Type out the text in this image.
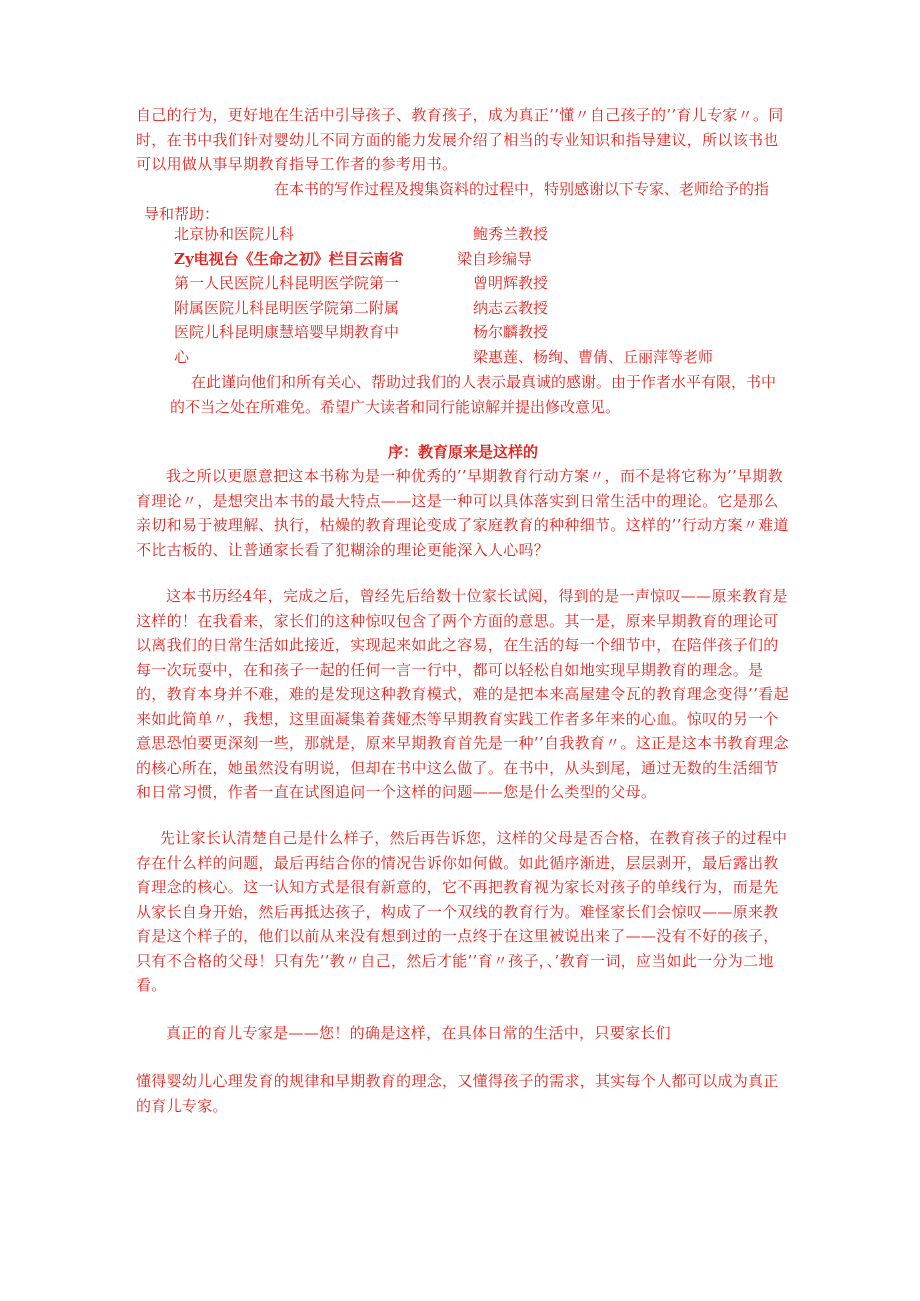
自己的行为，更好地在生活中引导孩子、教育孩子，成为真正’’懂〃自己孩子的’’育儿专家〃。同时，在书中我们针对婴幼儿不同方面的能力发展介绍了相当的专业知识和指导建议，所以该书也可以用做从事早期教育指导工作者的参考用书。

在本书的写作过程及搜集资料的过程中，特别感谢以下专家、老师给予的指
导和帮助：

北京协和医院儿科
Zy电视台《生命之初》栏目云南省
第一人民医院儿科昆明医学院第一
附属医院儿科昆明医学院第二附属
医院儿科昆明康慧培婴早期教育中
心
鲍秀兰教授
梁自珍编导
曾明辉教授
纳志云教授
杨尔麟教授
梁惠莲、杨绚、曹倩、丘丽萍等老师

在此谨向他们和所有关心、帮助过我们的人表示最真诚的感谢。由于作者水平有限，书中的不当之处在所难免。希望广大读者和同行能谅解并提出修改意见。

序：教育原来是这样的

我之所以更愿意把这本书称为是一种优秀的’’早期教育行动方案〃，而不是将它称为’’早期教育理论〃，是想突出本书的最大特点——这是一种可以具体落实到日常生活中的理论。它是那么亲切和易于被理解、执行，枯燥的教育理论变成了家庭教育的种种细节。这样的’’行动方案〃难道不比古板的、让普通家长看了犯糊涂的理论更能深入人心吗？

这本书历经4年，完成之后，曾经先后给数十位家长试阅，得到的是一声惊叹——原来教育是这样的！在我看来，家长们的这种惊叹包含了两个方面的意思。其一是，原来早期教育的理论可以离我们的日常生活如此接近，实现起来如此之容易，在生活的每一个细节中，在陪伴孩子们的每一次玩耍中，在和孩子一起的任何一言一行中，都可以轻松自如地实现早期教育的理念。是的，教育本身并不难，难的是发现这种教育模式，难的是把本来高屋建令瓦的教育理念变得’’看起来如此简单〃，我想，这里面凝集着龚娅杰等早期教育实践工作者多年来的心血。惊叹的另一个意思恐怕要更深刻一些，那就是，原来早期教育首先是一种’’自我教育〃。这正是这本书教育理念的核心所在，她虽然没有明说，但却在书中这么做了。在书中，从头到尾，通过无数的生活细节和日常习惯，作者一直在试图追问一个这样的问题——您是什么类型的父母。

先让家长认清楚自己是什么样子，然后再告诉您，这样的父母是否合格，在教育孩子的过程中存在什么样的问题，最后再结合你的情况告诉你如何做。如此循序渐进，层层剥开，最后露出教育理念的核心。这一认知方式是很有新意的，它不再把教育视为家长对孩子的单线行为，而是先从家长自身开始，然后再抵达孩子，构成了一个双线的教育行为。难怪家长们会惊叹——原来教育是这个样子的，他们以前从来没有想到过的一点终于在这里被说出来了——没有不好的孩子，只有不合格的父母！只有先’’教〃自己，然后才能’’育〃孩子，、’教育一词，应当如此一分为二地看。

真正的育儿专家是——您！的确是这样，在具体日常的生活中，只要家长们

懂得婴幼儿心理发育的规律和早期教育的理念，又懂得孩子的需求，其实每个人都可以成为真正的育儿专家。
